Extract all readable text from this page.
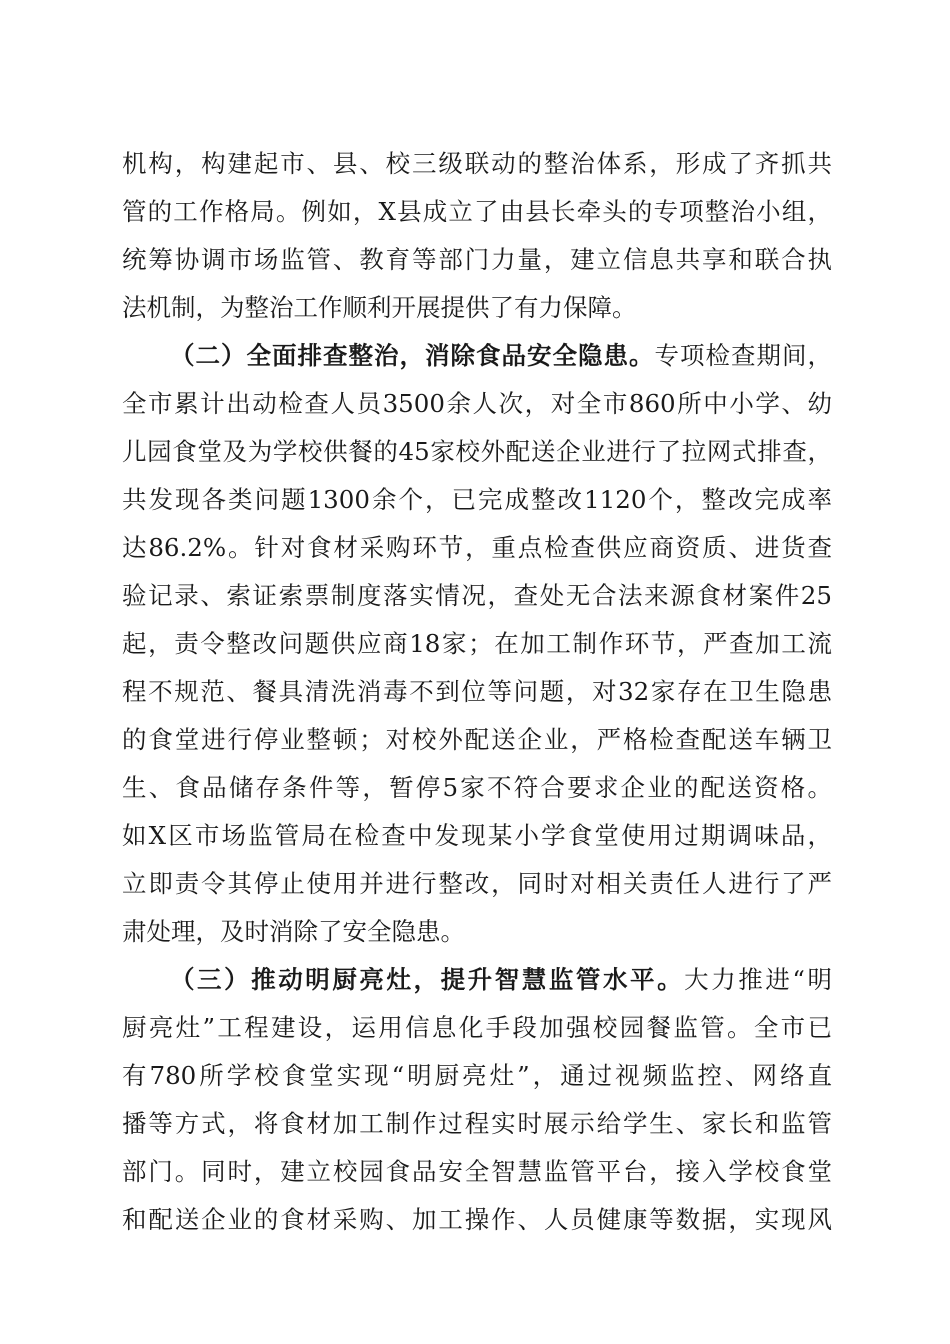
机构，构建起市、县、校三级联动的整治体系，形成了齐抓共
管的工作格局。例如，X县成立了由县长牵头的专项整治小组，
统筹协调市场监管、教育等部门力量，建立信息共享和联合执
法机制，为整治工作顺利开展提供了有力保障。
（二）全面排查整治，消除食品安全隐患。专项检查期间，
全市累计出动检查人员3500余人次，对全市860所中小学、幼
儿园食堂及为学校供餐的45家校外配送企业进行了拉网式排查，
共发现各类问题1300余个，已完成整改1120个，整改完成率
达86.2%。针对食材采购环节，重点检查供应商资质、进货查
验记录、索证索票制度落实情况，查处无合法来源食材案件25
起，责令整改问题供应商18家；在加工制作环节，严查加工流
程不规范、餐具清洗消毒不到位等问题，对32家存在卫生隐患
的食堂进行停业整顿；对校外配送企业，严格检查配送车辆卫
生、食品储存条件等，暂停5家不符合要求企业的配送资格。
如X区市场监管局在检查中发现某小学食堂使用过期调味品，
立即责令其停止使用并进行整改，同时对相关责任人进行了严
肃处理，及时消除了安全隐患。
（三）推动明厨亮灶，提升智慧监管水平。大力推进“明
厨亮灶”工程建设，运用信息化手段加强校园餐监管。全市已
有780所学校食堂实现“明厨亮灶”，通过视频监控、网络直
播等方式，将食材加工制作过程实时展示给学生、家长和监管
部门。同时，建立校园食品安全智慧监管平台，接入学校食堂
和配送企业的食材采购、加工操作、人员健康等数据，实现风
